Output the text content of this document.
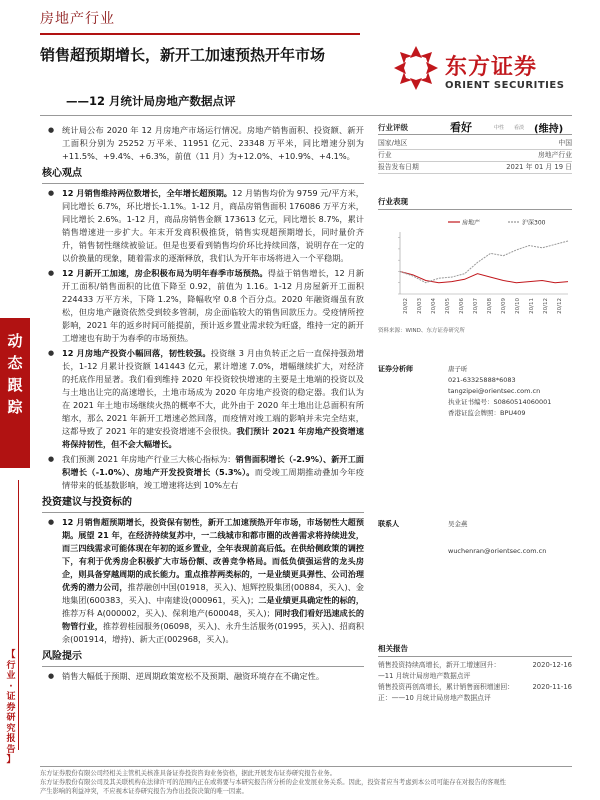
房地产行业
销售超预期增长，新开工加速预热开年市场
——12 月统计局房地产数据点评
东方证券
ORIENT SECURITIES
动
态
跟
踪
【
行
业
·
证
券
研
究
报
告
】
● 统计局公布 2020 年 12 月房地产市场运行情况。房地产销售面积、投资额、新开工面积分别为 25252 万平米、11951 亿元、23348 万平米，同比增速分别为+11.5%、+9.4%、+6.3%，前值（11 月）为+12.0%、+10.9%、+4.1%。
核心观点
● 12 月销售维持两位数增长，全年增长超预期。12 月销售均价为 9759 元/平方米，同比增长 6.7%，环比增长-1.1%。1-12 月，商品房销售面积 176086 万平方米，同比增长 2.6%。1-12 月，商品房销售金额 173613 亿元，同比增长 8.7%，累计销售增速进一步扩大。年末开发商积极推货，销售实现超预期增长，同时量价齐升，销售韧性继续被验证。但是也要看到销售均价环比持续回落，说明存在一定的以价换量的现象，随着需求的逐渐释放，我们认为开年市场将进入一个平稳期。
● 12 月新开工加速，房企积极布局为明年春季市场预热。得益于销售增长，12 月新开工面积/销售面积的比值下降至 0.92，前值为 1.16。1-12 月房屋新开工面积 224433 万平方米，下降 1.2%，降幅收窄 0.8 个百分点。2020 年融资端虽有放松，但房地产融资依然受到较多管制，房企面临较大的销售回款压力。受疫情所控影响，2021 年的返乡时间可能提前，预计返乡置业需求较为旺盛，维持一定的新开工增速也有助于为春季的市场预热。
● 12 月房地产投资小幅回落，韧性较强。投资继 3 月由负转正之后一直保持强劲增长，1-12 月累计投资额 141443 亿元，累计增速 7.0%，增幅继续扩大，对经济的托底作用显著。我们看到维持 2020 年投资较快增速的主要是土地端的投资以及与土地出让完的高速增长，土地市场成为 2020 年房地产投资的稳定器。我们认为在 2021 年土地市场继续火热的概率不大，此外由于 2020 年土地出让总面积有所缩水，那么 2021 年新开工增速必然回落，而疫情对竣工端的影响并未完全结束，这都导致了 2021 年的建安投资增速不会很快。我们预计 2021 年房地产投资增速将保持韧性，但不会大幅增长。
● 我们预测 2021 年房地产行业三大核心指标为：销售面积增长（-2.9%）、新开工面积增长（-1.0%）、房地产开发投资增长（5.3%）。而受竣工周期推动叠加今年疫情带来的低基数影响，竣工增速将达到 10%左右
投资建议与投资标的
● 12 月销售超预期增长，投资保有韧性，新开工加速预热开年市场，市场韧性大超预期。展望 21 年，在经济持续复苏中，一二线城市和都市圈的改善需求将持续进发，而三四线需求可能体现在年初的返乡置业，全年表现前高后低。在供给侧政策的调控下，有利于优秀房企积极扩大市场份额、改善竞争格局。而低负债强运营的龙头房企，则具备穿越周期的成长能力。重点推荐两类标的，一是业绩更具弹性、公司治理优秀的潜力公司，推荐融创中国(01918，买入)、旭辉控股集团(00884，买入)、金地集团(600383，买入)、中南建设(000961，买入)；二是业绩更具确定性的标的，推荐万科 A(000002，买入)、保利地产(600048，买入)；同时我们看好迅速成长的物管行业，推荐碧桂园服务(06098，买入)、永升生活服务(01995，买入)、招商积余(001914，增持)、新大正(002968，买入)。
风险提示
● 销售大幅低于预期、逆周期政策宽松不及预期、融资环境存在不确定性。
行业评级	看好	中性 看淡 (维持)
国家/地区	中国
行业	房地产行业
报告发布日期	2021 年 01 月 19 日
行业表现
房地产	沪深300
20/02 20/03 20/04 20/05 20/06 20/07 20/08 20/09 20/10 20/11 20/12 20/12
资料来源：WIND、东方证券研究所
证券分析师	唐子昕
021-63325888*6083
tangzipei@orientsec.com.cn
执业证书编号：S0860514060001
香港证监会牌照：BPU409
联系人	吴金燕
wuchenran@orientsec.com.cn
相关报告
销售投资持续高增长，新开工增速回升：	2020-12-16
—11 月统计局房地产数据点评
销售投资再创高增长，累计销售面积增速回：	2020-11-16
正：——10 月统计局房地产数据点评
东方证券股份有限公司经相关主管机关核准具备证券投资咨询业务资格，据此开展发布证券研究报告业务。
东方证券股份有限公司及其关联机构在法律许可的范围内正在或将要与本研究报告所分析的企业发展业务关系。因此，投资者应当考虑到本公司可能存在对报告的客观性
产生影响的利益冲突，不应视本证券研究报告为作出投资决策的唯一因素。
